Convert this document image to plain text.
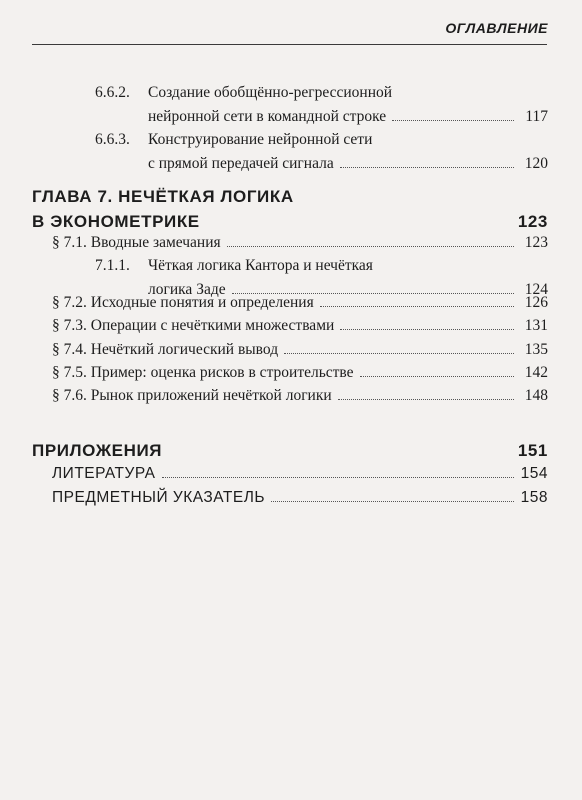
ОГЛАВЛЕНИЕ
6.6.2. Создание обобщённо-регрессионной
нейронной сети в командной строке	117
6.6.3. Конструирование нейронной сети
с прямой передачей сигнала	120
ГЛАВА 7. НЕЧЁТКАЯ ЛОГИКА
В ЭКОНОМЕТРИКЕ	123
§ 7.1. Вводные замечания	123
7.1.1. Чёткая логика Кантора и нечёткая
логика Заде	124
§ 7.2. Исходные понятия и определения	126
§ 7.3. Операции с нечёткими множествами	131
§ 7.4. Нечёткий логический вывод	135
§ 7.5. Пример: оценка рисков в строительстве	142
§ 7.6. Рынок приложений нечёткой логики	148
ПРИЛОЖЕНИЯ	151
ЛИТЕРАТУРА	154
ПРЕДМЕТНЫЙ УКАЗАТЕЛЬ	158
